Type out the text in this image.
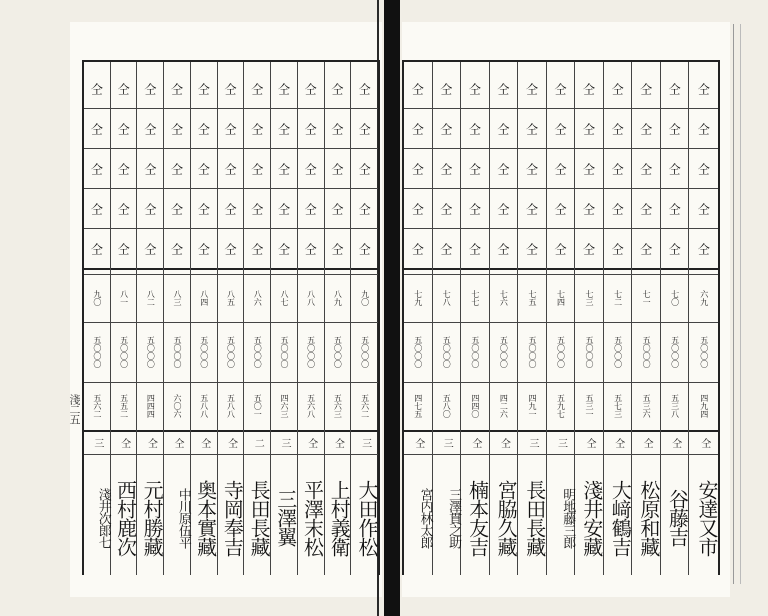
仝
仝
仝
仝
仝
九〇
五〇〇〇
五六二
三
大田作松
仝
仝
仝
仝
仝
八九
五〇〇〇
五六三
仝
上村義衛
仝
仝
仝
仝
仝
八八
五〇〇〇
五六八
仝
平澤末松
仝
仝
仝
仝
仝
八七
五〇〇〇
四六三
三
三澤翼
仝
仝
仝
仝
仝
八六
五〇〇〇
五〇一
二
長田長藏
仝
仝
仝
仝
仝
八五
五〇〇〇
五八八
仝
寺岡奉吉
仝
仝
仝
仝
仝
八四
五〇〇〇
五八八
仝
奥本實藏
仝
仝
仝
仝
仝
八三
五〇〇〇
六〇六
仝
中川原伍平
仝
仝
仝
仝
仝
八二
五〇〇〇
四四四
仝
元村勝藏
仝
仝
仝
仝
仝
八一
五〇〇〇
五五二
仝
西村鹿次
仝
仝
仝
仝
仝
九〇
五〇〇〇
五六二
三
淺井次郎七
仝
仝
仝
仝
仝
六九
五〇〇〇
四九四
仝
安達又市
仝
仝
仝
仝
仝
七〇
五〇〇〇
五三八
仝
谷藤吉
仝
仝
仝
仝
仝
七一
五〇〇〇
五三六
仝
松原和藏
仝
仝
仝
仝
仝
七二
五〇〇〇
五七三
仝
大﨑鶴吉
仝
仝
仝
仝
仝
七三
五〇〇〇
五三一
仝
淺井安藏
仝
仝
仝
仝
仝
七四
五〇〇〇
五九七
三
明地藤三郎
仝
仝
仝
仝
仝
七五
五〇〇〇
四九一
三
長田長藏
仝
仝
仝
仝
仝
七六
五〇〇〇
四二六
仝
宮脇久藏
仝
仝
仝
仝
仝
七七
五〇〇〇
四四〇
仝
楠本友吉
仝
仝
仝
仝
仝
七八
五〇〇〇
五八〇
三
三澤貫之助
仝
仝
仝
仝
仝
七九
五〇〇〇
四七五
仝
宮内林太郎
淺二五
